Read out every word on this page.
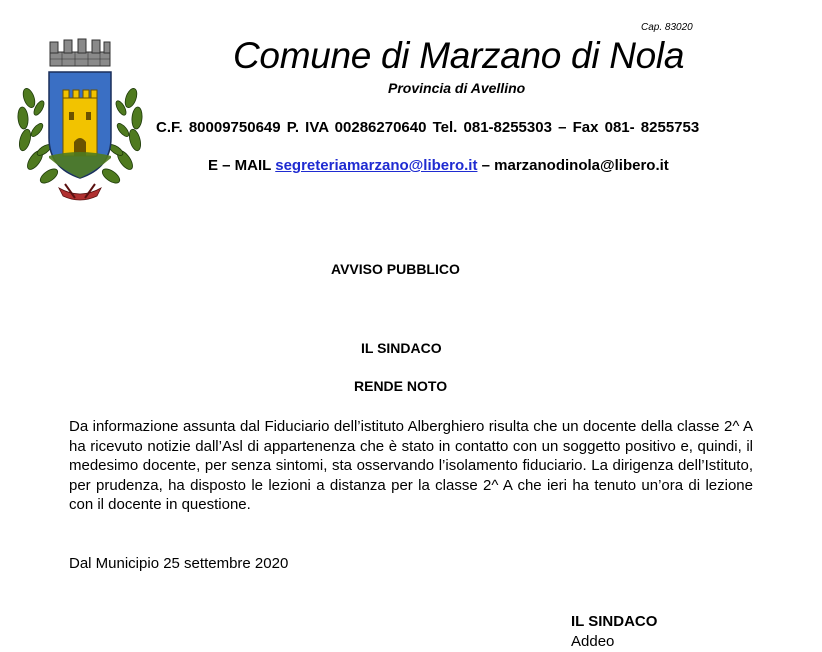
Cap. 83020
Comune di Marzano di Nola
Provincia di Avellino
C.F. 80009750649 P. IVA 00286270640 Tel. 081-8255303 – Fax 081- 8255753
E – MAIL segreteriamarzano@libero.it – marzanodinola@libero.it
AVVISO PUBBLICO
IL SINDACO
RENDE NOTO
Da informazione assunta dal Fiduciario dell’istituto Alberghiero risulta che un docente della classe 2^ A ha ricevuto notizie dall’Asl di appartenenza che è stato in contatto con un soggetto positivo e, quindi, il medesimo docente, per senza sintomi, sta osservando l’isolamento fiduciario. La dirigenza dell’Istituto, per prudenza, ha disposto le lezioni a distanza per la classe 2^ A che ieri ha tenuto un’ora di lezione con il docente in questione.
Dal Municipio 25 settembre 2020
IL SINDACO
Addeo
